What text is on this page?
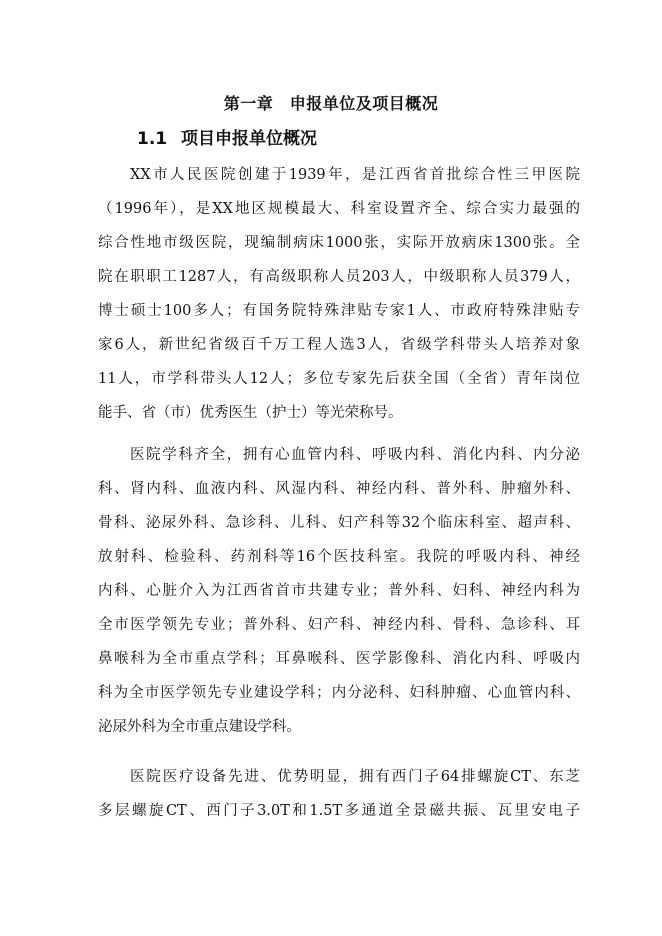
第一章　申报单位及项目概况
1.1 项目申报单位概况
XX市人民医院创建于1939年，是江西省首批综合性三甲医院
（1996年），是XX地区规模最大、科室设置齐全、综合实力最强的
综合性地市级医院，现编制病床1000张，实际开放病床1300张。全
院在职职工1287人，有高级职称人员203人，中级职称人员379人，
博士硕士100多人；有国务院特殊津贴专家1人、市政府特殊津贴专
家6人，新世纪省级百千万工程人选3人，省级学科带头人培养对象
11人，市学科带头人12人；多位专家先后获全国（全省）青年岗位
能手、省（市）优秀医生（护士）等光荣称号。
医院学科齐全，拥有心血管内科、呼吸内科、消化内科、内分泌
科、肾内科、血液内科、风湿内科、神经内科、普外科、肿瘤外科、
骨科、泌尿外科、急诊科、儿科、妇产科等32个临床科室、超声科、
放射科、检验科、药剂科等16个医技科室。我院的呼吸内科、神经
内科、心脏介入为江西省首市共建专业；普外科、妇科、神经内科为
全市医学领先专业；普外科、妇产科、神经内科、骨科、急诊科、耳
鼻喉科为全市重点学科；耳鼻喉科、医学影像科、消化内科、呼吸内
科为全市医学领先专业建设学科；内分泌科、妇科肿瘤、心血管内科、
泌尿外科为全市重点建设学科。
医院医疗设备先进、优势明显，拥有西门子64排螺旋CT、东芝
多层螺旋CT、西门子3.0T和1.5T多通道全景磁共振、瓦里安电子
